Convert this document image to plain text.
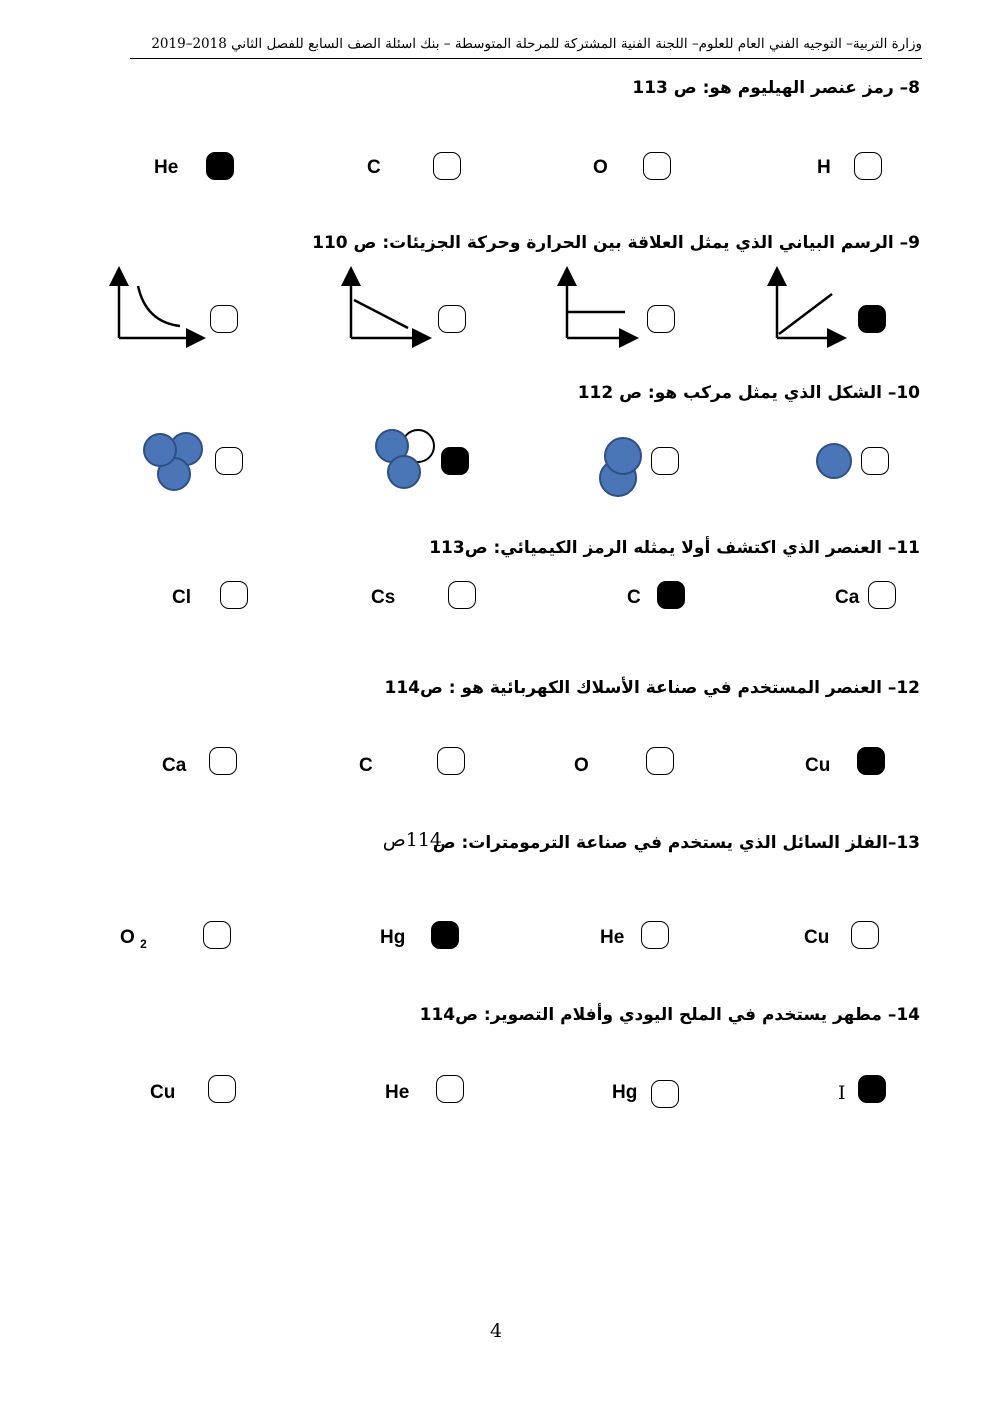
وزارة التربية– التوجيه الفني العام للعلوم– اللجنة الفنية المشتركة للمرحلة المتوسطة – بنك اسئلة الصف السابع للفصل الثاني 2018–2019
8– رمز عنصر الهيليوم هو: ص 113
H
O
C
He
9– الرسم البياني الذي يمثل العلاقة بين الحرارة وحركة الجزيئات: ص 110
10– الشكل الذي يمثل مركب هو: ص 112
11– العنصر الذي اكتشف أولا يمثله الرمز الكيميائي: ص113
Ca
C
Cs
Cl
12– العنصر المستخدم في صناعة الأسلاك الكهربائية هو : ص114
Cu
O
C
Ca
13–الفلز السائل الذي يستخدم في صناعة الترمومترات: ص
114ص
Cu
He
Hg
O $_2$
14– مطهر يستخدم في الملح اليودي وأفلام التصوير: ص114
I
Hg
He
Cu
4
